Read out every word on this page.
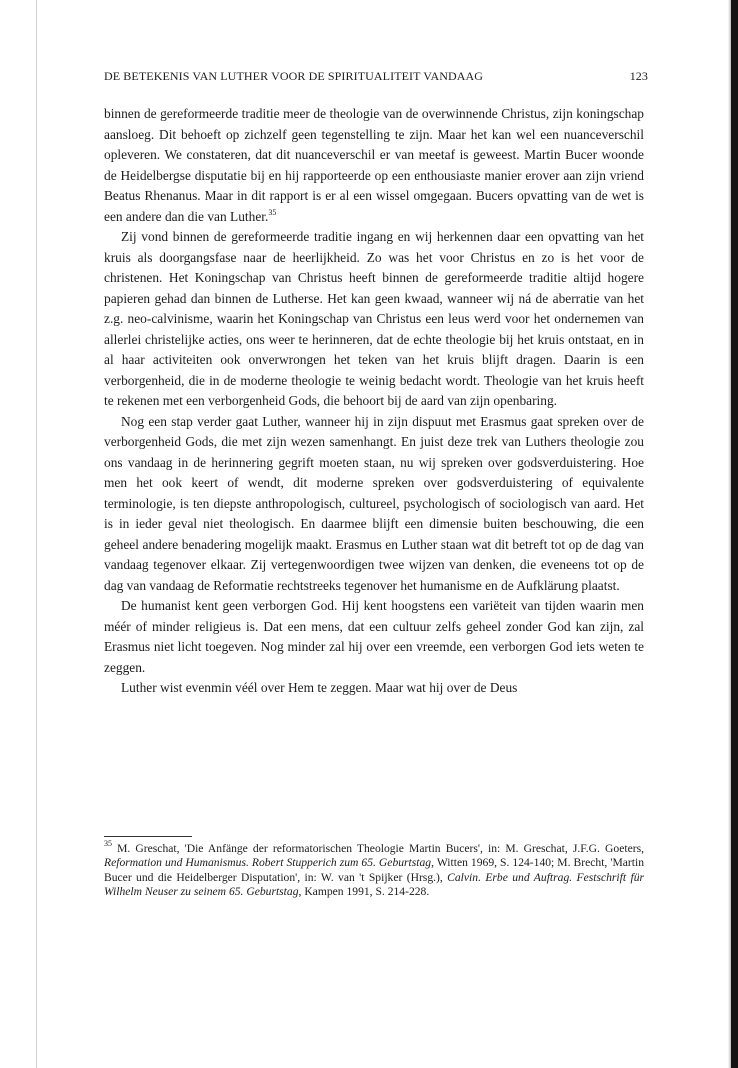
DE BETEKENIS VAN LUTHER VOOR DE SPIRITUALITEIT VANDAAG	123

binnen de gereformeerde traditie meer de theologie van de overwinnende Christus, zijn koningschap aansloeg. Dit behoeft op zichzelf geen tegenstelling te zijn. Maar het kan wel een nuanceverschil opleveren. We constateren, dat dit nuanceverschil er van meetaf is geweest. Martin Bucer woonde de Heidelbergse disputatie bij en hij rapporteerde op een enthousiaste manier erover aan zijn vriend Beatus Rhenanus. Maar in dit rapport is er al een wissel omgegaan. Bucers opvatting van de wet is een andere dan die van Luther.$^{35}$

Zij vond binnen de gereformeerde traditie ingang en wij herkennen daar een opvatting van het kruis als doorgangsfase naar de heerlijkheid. Zo was het voor Christus en zo is het voor de christenen. Het Koningschap van Christus heeft binnen de gereformeerde traditie altijd hogere papieren gehad dan binnen de Lutherse. Het kan geen kwaad, wanneer wij ná de aberratie van het z.g. neo-calvinisme, waarin het Koningschap van Christus een leus werd voor het ondernemen van allerlei christelijke acties, ons weer te herinneren, dat de echte theologie bij het kruis ontstaat, en in al haar activiteiten ook onverwrongen het teken van het kruis blijft dragen. Daarin is een verborgenheid, die in de moderne theologie te weinig bedacht wordt. Theologie van het kruis heeft te rekenen met een verborgenheid Gods, die behoort bij de aard van zijn openbaring.

Nog een stap verder gaat Luther, wanneer hij in zijn dispuut met Erasmus gaat spreken over de verborgenheid Gods, die met zijn wezen samenhangt. En juist deze trek van Luthers theologie zou ons vandaag in de herinnering gegrift moeten staan, nu wij spreken over godsverduistering. Hoe men het ook keert of wendt, dit moderne spreken over godsverduistering of equivalente terminologie, is ten diepste anthropologisch, cultureel, psychologisch of sociologisch van aard. Het is in ieder geval niet theologisch. En daarmee blijft een dimensie buiten beschouwing, die een geheel andere benadering mogelijk maakt. Erasmus en Luther staan wat dit betreft tot op de dag van vandaag tegenover elkaar. Zij vertegenwoordigen twee wijzen van denken, die eveneens tot op de dag van vandaag de Reformatie rechtstreeks tegenover het humanisme en de Aufklärung plaatst.

De humanist kent geen verborgen God. Hij kent hoogstens een variëteit van tijden waarin men méér of minder religieus is. Dat een mens, dat een cultuur zelfs geheel zonder God kan zijn, zal Erasmus niet licht toegeven. Nog minder zal hij over een vreemde, een verborgen God iets weten te zeggen.

Luther wist evenmin véél over Hem te zeggen. Maar wat hij over de Deus

$^{35}$ M. Greschat, 'Die Anfänge der reformatorischen Theologie Martin Bucers', in: M. Greschat, J.F.G. Goeters, Reformation und Humanismus. Robert Stupperich zum 65. Geburtstag, Witten 1969, S. 124-140; M. Brecht, 'Martin Bucer und die Heidelberger Disputation', in: W. van 't Spijker (Hrsg.), Calvin. Erbe und Auftrag. Festschrift für Wilhelm Neuser zu seinem 65. Geburtstag, Kampen 1991, S. 214-228.
